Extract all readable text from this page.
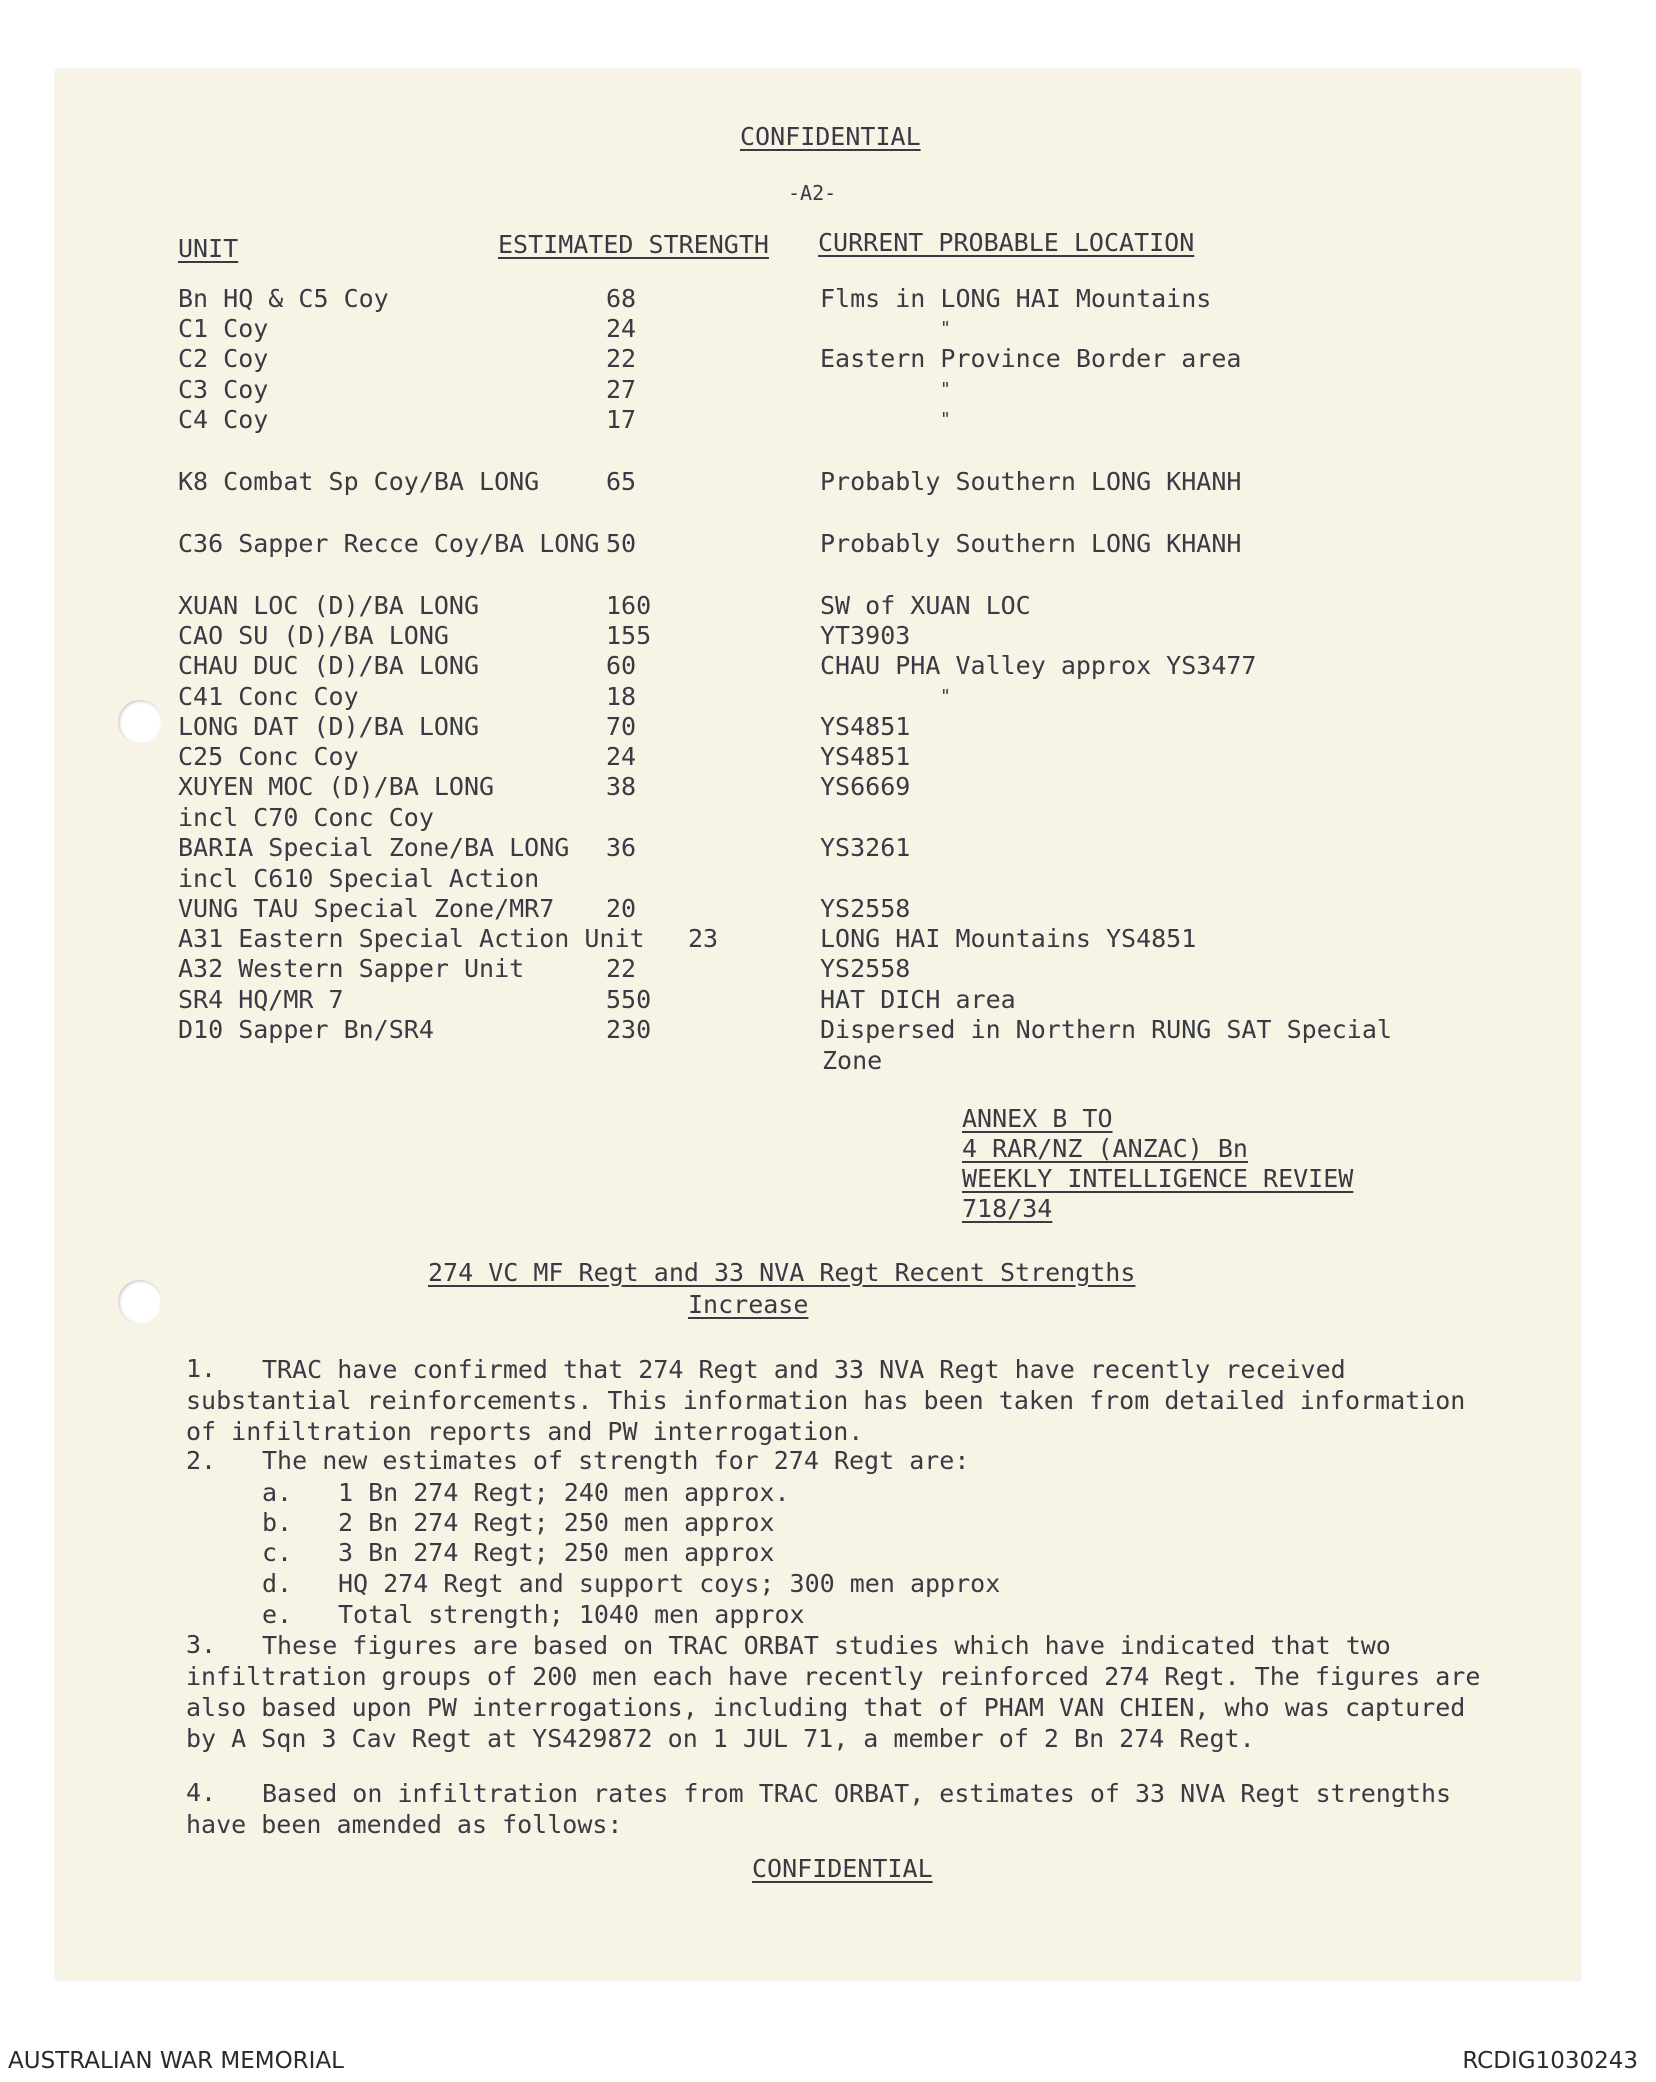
CONFIDENTIAL
-A2-
UNIT	ESTIMATED STRENGTH CURRENT PROBABLE LOCATION
Bn HQ & C5 Coy	68	Flms in LONG HAI Mountains
C1 Coy	24	"
C2 Coy	22	Eastern Province Border area
C3 Coy	27	"
C4 Coy	17	"
K8 Combat Sp Coy/BA LONG	65	Probably Southern LONG KHANH
C36 Sapper Recce Coy/BA LONG 50	Probably Southern LONG KHANH
XUAN LOC (D)/BA LONG	160	SW of XUAN LOC
CAO SU (D)/BA LONG	155	YT3903
CHAU DUC (D)/BA LONG	60	CHAU PHA Valley approx YS3477
C41 Conc Coy	18	"
LONG DAT (D)/BA LONG	70	YS4851
C25 Conc Coy	24	YS4851
XUYEN MOC (D)/BA LONG	38	YS6669
incl C70 Conc Coy
BARIA Special Zone/BA LONG 36	YS3261
incl C610 Special Action
VUNG TAU Special Zone/MR7 20	YS2558
A31 Eastern Special Action Unit 23	LONG HAI Mountains YS4851
A32 Western Sapper Unit	22	YS2558
SR4 HQ/MR 7	550	HAT DICH area
D10 Sapper Bn/SR4	230	Dispersed in Northern RUNG SAT Special
Zone
ANNEX B TO
4 RAR/NZ (ANZAC) Bn
WEEKLY INTELLIGENCE REVIEW
718/34
274 VC MF Regt and 33 NVA Regt Recent Strengths
Increase
1.	TRAC have confirmed that 274 Regt and 33 NVA Regt have recently received substantial reinforcements. This information has been taken from detailed information of infiltration reports and PW interrogation.
2. The new estimates of strength for 274 Regt are:
a. 1 Bn 274 Regt; 240 men approx.
b. 2 Bn 274 Regt; 250 men approx
c. 3 Bn 274 Regt; 250 men approx
d. HQ 274 Regt and support coys; 300 men approx
e. Total strength; 1040 men approx
3.	These figures are based on TRAC ORBAT studies which have indicated that two infiltration groups of 200 men each have recently reinforced 274 Regt. The figures are also based upon PW interrogations, including that of PHAM VAN CHIEN, who was captured by A Sqn 3 Cav Regt at YS429872 on 1 JUL 71, a member of 2 Bn 274 Regt.
4.	Based on infiltration rates from TRAC ORBAT, estimates of 33 NVA Regt strengths have been amended as follows:
CONFIDENTIAL
AUSTRALIAN WAR MEMORIAL	RCDIG1030243
